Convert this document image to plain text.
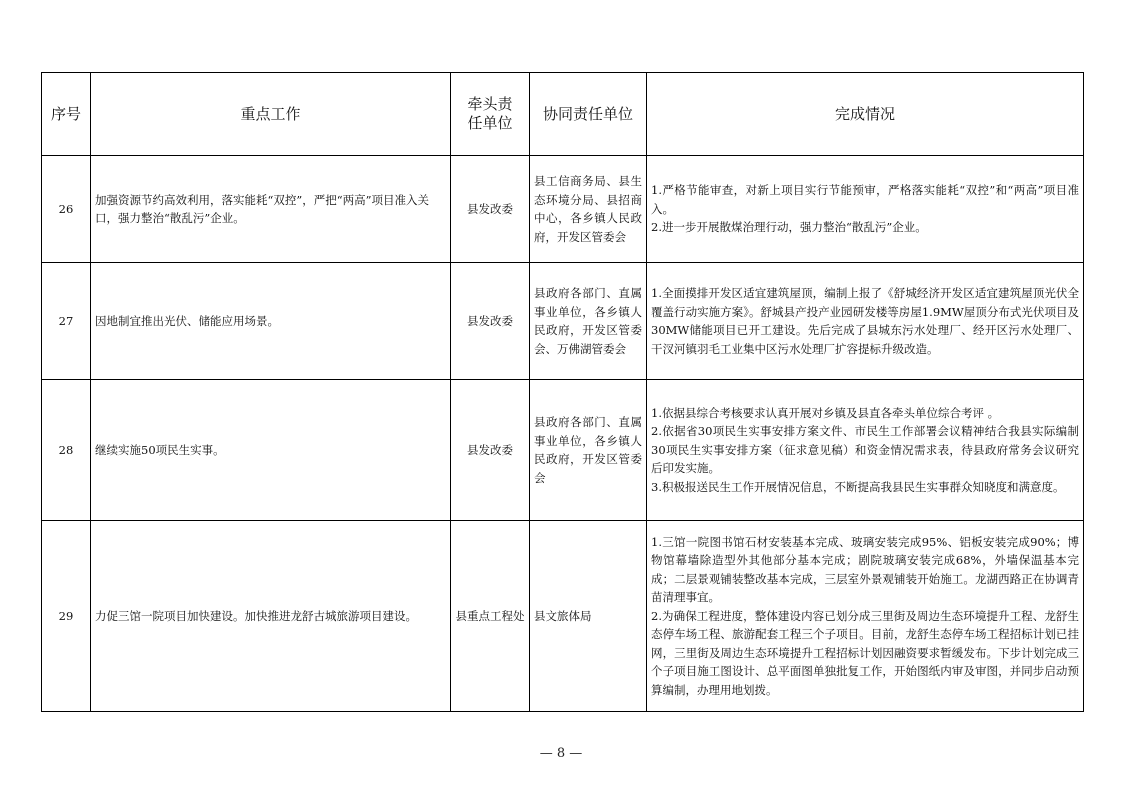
序号	重点工作	牵头责任单位	协同责任单位	完成情况
26	加强资源节约高效利用，落实能耗“双控”，严把“两高”项目准入关口，强力整治“散乱污”企业。	县发改委	县工信商务局、县生态环境分局、县招商中心，各乡镇人民政府，开发区管委会	1.严格节能审查，对新上项目实行节能预审，严格落实能耗“双控”和“两高”项目准入。
2.进一步开展散煤治理行动，强力整治“散乱污”企业。

27	因地制宜推出光伏、储能应用场景。	县发改委	县政府各部门、直属事业单位，各乡镇人民政府，开发区管委会、万佛湖管委会	1.全面摸排开发区适宜建筑屋顶，编制上报了《舒城经济开发区适宜建筑屋顶光伏全覆盖行动实施方案》。舒城县产投产业园研发楼等房屋1.9MW屋顶分布式光伏项目及30MW储能项目已开工建设。先后完成了县城东污水处理厂、经开区污水处理厂、干汊河镇羽毛工业集中区污水处理厂扩容提标升级改造。

28	继续实施50项民生实事。	县发改委	县政府各部门、直属事业单位，各乡镇人民政府，开发区管委会	1.依据县综合考核要求认真开展对乡镇及县直各牵头单位综合考评 。
2.依据省30项民生实事安排方案文件、市民生工作部署会议精神结合我县实际编制30项民生实事安排方案（征求意见稿）和资金情况需求表，待县政府常务会议研究后印发实施。
3.积极报送民生工作开展情况信息，不断提高我县民生实事群众知晓度和满意度。

29	力促三馆一院项目加快建设。加快推进龙舒古城旅游项目建设。	县重点工程处	县文旅体局	1.三馆一院图书馆石材安装基本完成、玻璃安装完成95%、铝板安装完成90%；博物馆幕墙除造型外其他部分基本完成；剧院玻璃安装完成68%，外墙保温基本完成；二层景观铺装整改基本完成，三层室外景观铺装开始施工。龙湖西路正在协调青苗清理事宜。
2.为确保工程进度，整体建设内容已划分成三里街及周边生态环境提升工程、龙舒生态停车场工程、旅游配套工程三个子项目。目前，龙舒生态停车场工程招标计划已挂网，三里街及周边生态环境提升工程招标计划因融资要求暂缓发布。下步计划完成三个子项目施工图设计、总平面图单独批复工作，开始图纸内审及审图，并同步启动预算编制，办理用地划拨。
— 8 —
